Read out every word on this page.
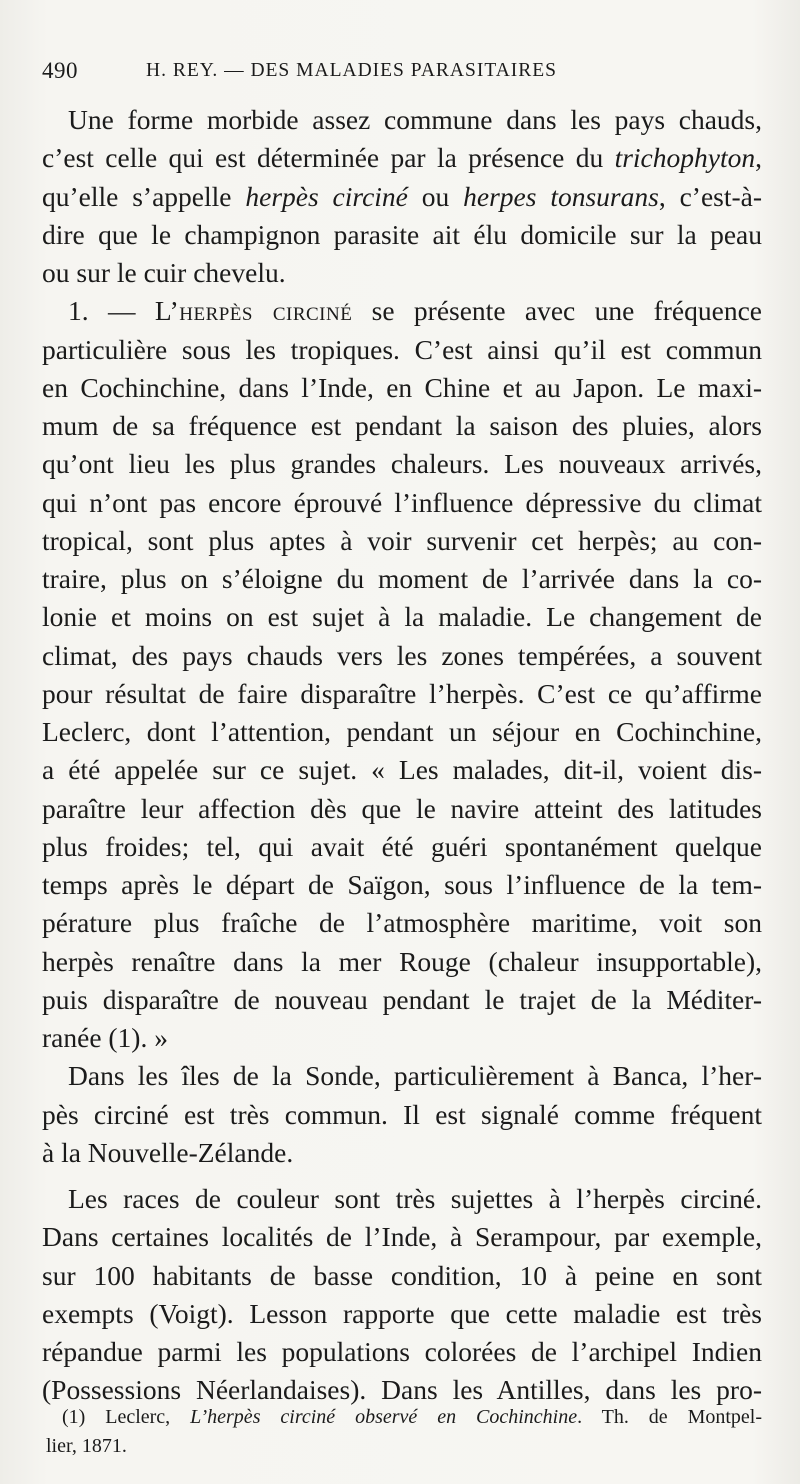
490	H. REY. — DES MALADIES PARASITAIRES
Une forme morbide assez commune dans les pays chauds,
c’est celle qui est déterminée par la présence du trichophyton,
qu’elle s’appelle herpès circiné ou herpes tonsurans, c’est-à-
dire que le champignon parasite ait élu domicile sur la peau
ou sur le cuir chevelu.
1. — L’herpès circiné se présente avec une fréquence
particulière sous les tropiques. C’est ainsi qu’il est commun
en Cochinchine, dans l’Inde, en Chine et au Japon. Le maxi-
mum de sa fréquence est pendant la saison des pluies, alors
qu’ont lieu les plus grandes chaleurs. Les nouveaux arrivés,
qui n’ont pas encore éprouvé l’influence dépressive du climat
tropical, sont plus aptes à voir survenir cet herpès; au con-
traire, plus on s’éloigne du moment de l’arrivée dans la co-
lonie et moins on est sujet à la maladie. Le changement de
climat, des pays chauds vers les zones tempérées, a souvent
pour résultat de faire disparaître l’herpès. C’est ce qu’affirme
Leclerc, dont l’attention, pendant un séjour en Cochinchine,
a été appelée sur ce sujet. « Les malades, dit-il, voient dis-
paraître leur affection dès que le navire atteint des latitudes
plus froides; tel, qui avait été guéri spontanément quelque
temps après le départ de Saïgon, sous l’influence de la tem-
pérature plus fraîche de l’atmosphère maritime, voit son
herpès renaître dans la mer Rouge (chaleur insupportable),
puis disparaître de nouveau pendant le trajet de la Méditer-
ranée (1). »
Dans les îles de la Sonde, particulièrement à Banca, l’her-
pès circiné est très commun. Il est signalé comme fréquent
à la Nouvelle-Zélande.
Les races de couleur sont très sujettes à l’herpès circiné.
Dans certaines localités de l’Inde, à Serampour, par exemple,
sur 100 habitants de basse condition, 10 à peine en sont
exempts (Voigt). Lesson rapporte que cette maladie est très
répandue parmi les populations colorées de l’archipel Indien
(Possessions Néerlandaises). Dans les Antilles, dans les pro-
(1) Leclerc, L’herpès circiné observé en Cochinchine. Th. de Montpel-
lier, 1871.
